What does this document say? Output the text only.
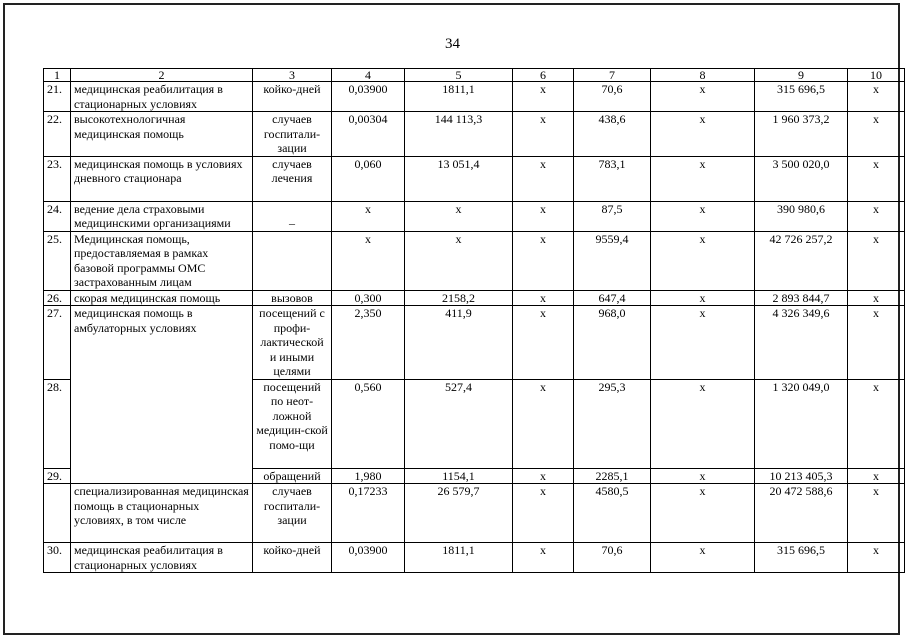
34
1	2	3	4	5	6	7	8	9	10
21.	медицинская реабилитация в стационарных условиях	койко-дней	0,03900	1811,1	x	70,6	x	315 696,5	x
22.	высокотехнологичная медицинская помощь	случаев госпитали-зации	0,00304	144 113,3	x	438,6	x	1 960 373,2	x
23.	медицинская помощь в условиях дневного стационара	случаев лечения	0,060	13 051,4	x	783,1	x	3 500 020,0	x
24.	ведение дела страховыми медицинскими организациями	–	x	x	x	87,5	x	390 980,6	x
25.	Медицинская помощь, предоставляемая в рамках базовой программы ОМС застрахованным лицам		x	x	x	9559,4	x	42 726 257,2	x
26.	скорая медицинская помощь	вызовов	0,300	2158,2	x	647,4	x	2 893 844,7	x
27.	медицинская помощь в амбулаторных условиях	посещений с профи-лактической и иными целями	2,350	411,9	x	968,0	x	4 326 349,6	x
28.		посещений по неот-ложной медицин-ской помо-щи	0,560	527,4	x	295,3	x	1 320 049,0	x
29.		обращений	1,980	1154,1	x	2285,1	x	10 213 405,3	x
	специализированная медицинская помощь в стационарных условиях, в том числе	случаев госпитали-зации	0,17233	26 579,7	x	4580,5	x	20 472 588,6	x
30.	медицинская реабилитация в стационарных условиях	койко-дней	0,03900	1811,1	x	70,6	x	315 696,5	x
